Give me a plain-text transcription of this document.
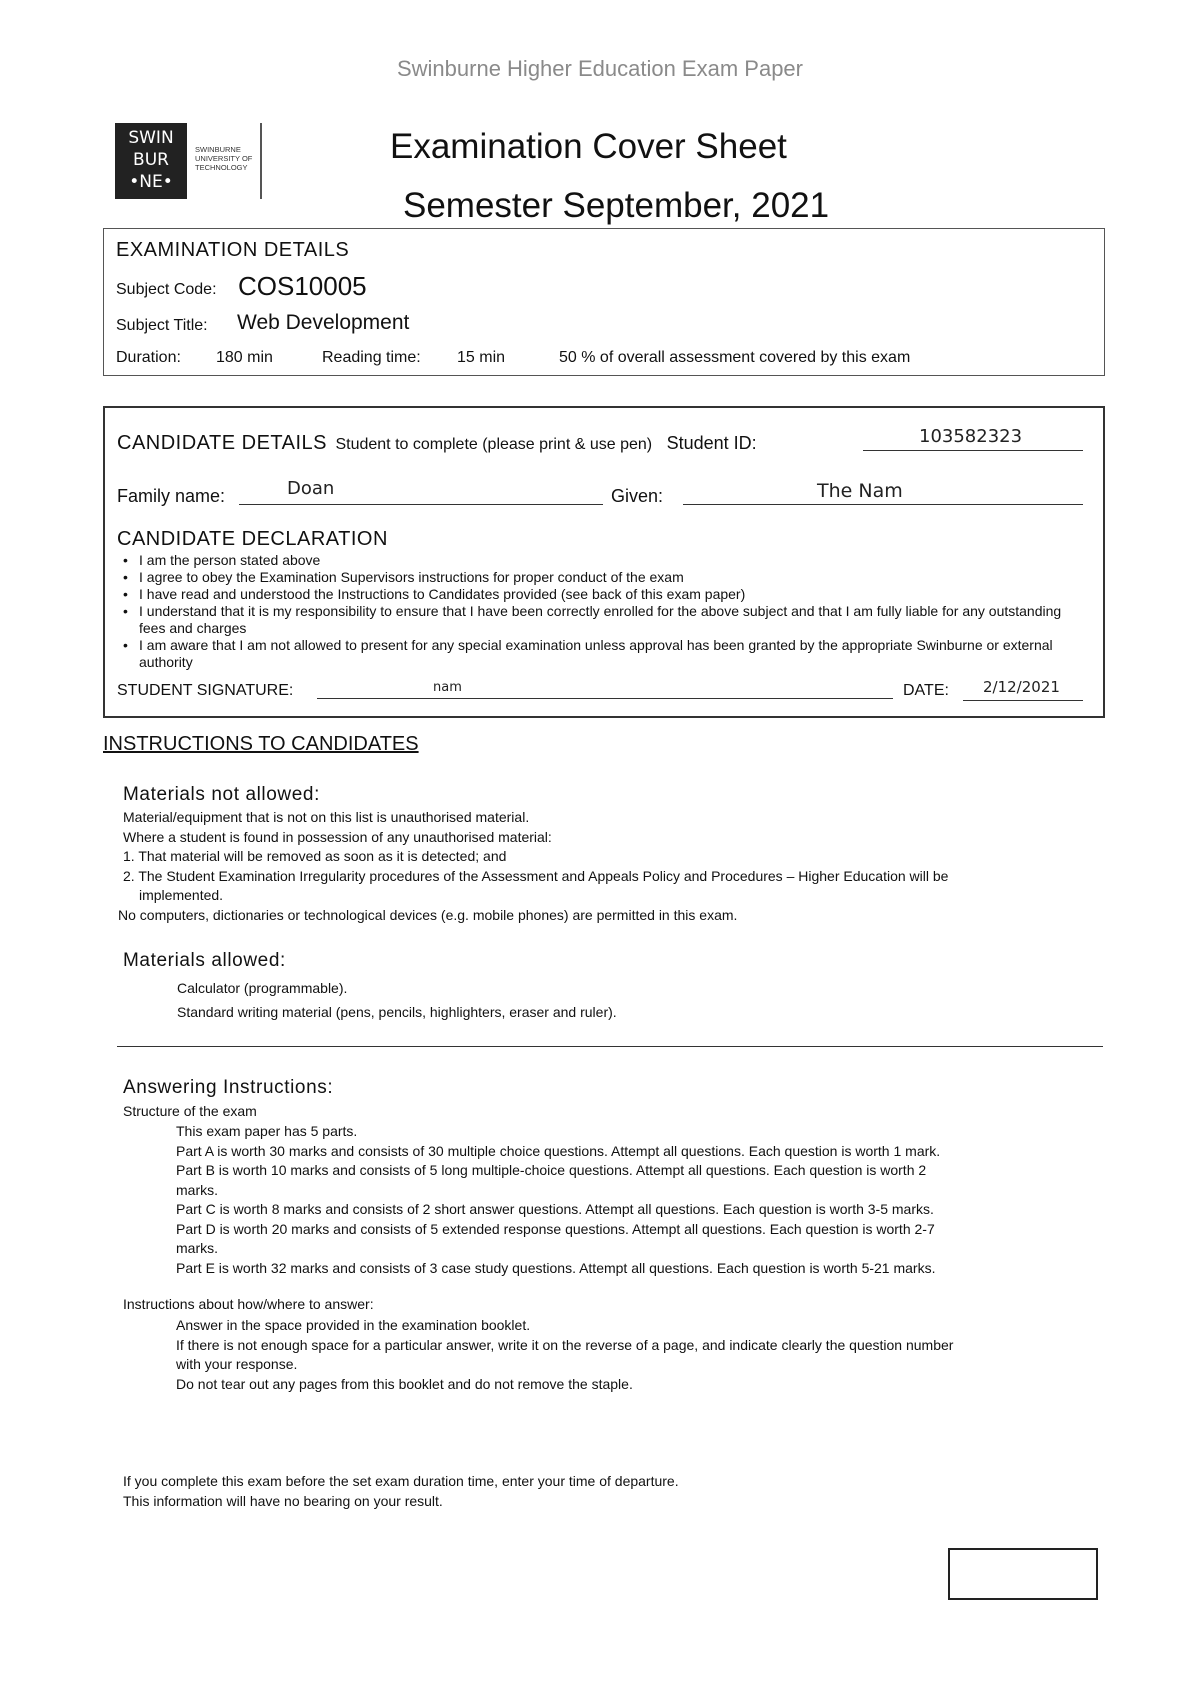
Swinburne Higher Education Exam Paper
SWIN
BUR
•NE•
SWINBURNE
UNIVERSITY OF
TECHNOLOGY
Examination Cover Sheet
Semester September, 2021
EXAMINATION DETAILS
Subject Code: COS10005
Subject Title: Web Development
Duration: 180 min	Reading time: 15 min	50 % of overall assessment covered by this exam
CANDIDATE DETAILS Student to complete (please print & use pen) Student ID:	103582323
Family name:	Doan	Given:	The Nam
CANDIDATE DECLARATION
• I am the person stated above
• I agree to obey the Examination Supervisors instructions for proper conduct of the exam
• I have read and understood the Instructions to Candidates provided (see back of this exam paper)
• I understand that it is my responsibility to ensure that I have been correctly enrolled for the above subject and that I am fully liable for any outstanding fees and charges
• I am aware that I am not allowed to present for any special examination unless approval has been granted by the appropriate Swinburne or external authority
STUDENT SIGNATURE:	nam	DATE: 2/12/2021
INSTRUCTIONS TO CANDIDATES
Materials not allowed:
Material/equipment that is not on this list is unauthorised material.
Where a student is found in possession of any unauthorised material:
1. That material will be removed as soon as it is detected; and
2. The Student Examination Irregularity procedures of the Assessment and Appeals Policy and Procedures – Higher Education will be
implemented.
No computers, dictionaries or technological devices (e.g. mobile phones) are permitted in this exam.
Materials allowed:
Calculator (programmable).
Standard writing material (pens, pencils, highlighters, eraser and ruler).
Answering Instructions:
Structure of the exam
This exam paper has 5 parts.
Part A is worth 30 marks and consists of 30 multiple choice questions. Attempt all questions. Each question is worth 1 mark.
Part B is worth 10 marks and consists of 5 long multiple-choice questions. Attempt all questions. Each question is worth 2
marks.
Part C is worth 8 marks and consists of 2 short answer questions. Attempt all questions. Each question is worth 3-5 marks.
Part D is worth 20 marks and consists of 5 extended response questions. Attempt all questions. Each question is worth 2-7
marks.
Part E is worth 32 marks and consists of 3 case study questions. Attempt all questions. Each question is worth 5-21 marks.
Instructions about how/where to answer:
Answer in the space provided in the examination booklet.
If there is not enough space for a particular answer, write it on the reverse of a page, and indicate clearly the question number
with your response.
Do not tear out any pages from this booklet and do not remove the staple.
If you complete this exam before the set exam duration time, enter your time of departure.
This information will have no bearing on your result.
